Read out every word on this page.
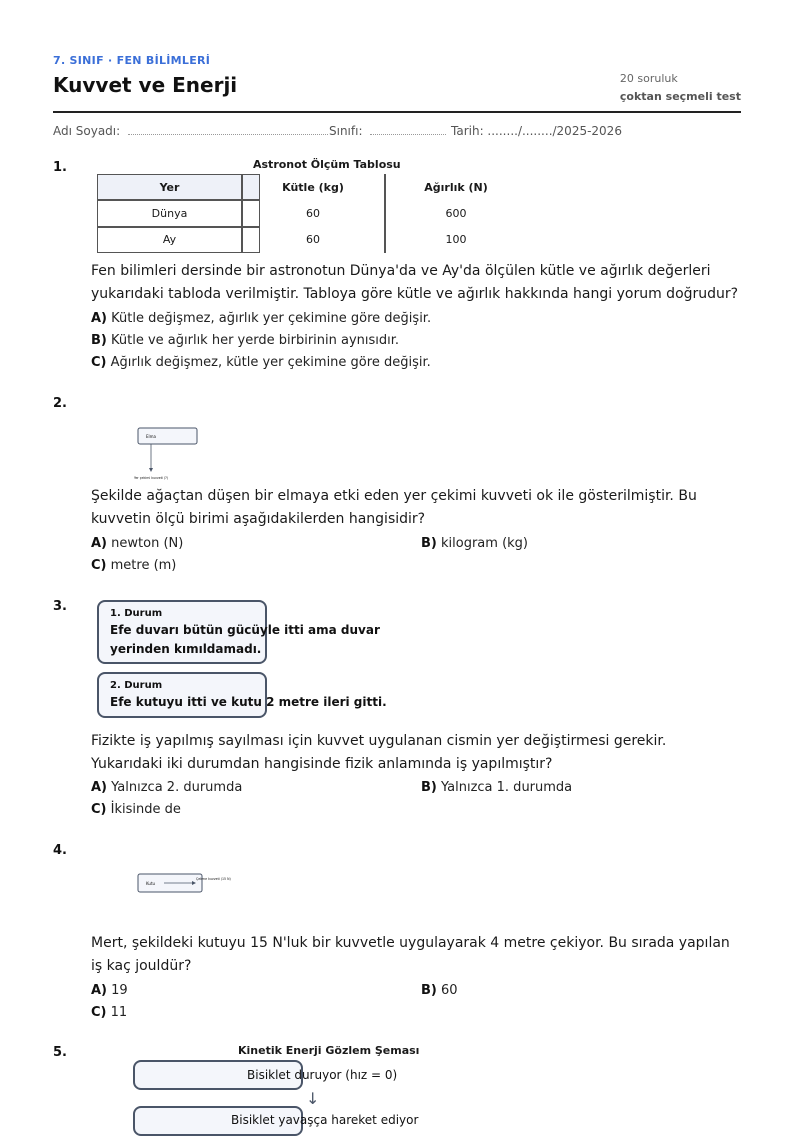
7. SINIF · FEN BİLİMLERİ
Kuvvet ve Enerji	20 soruluk
çoktan seçmeli test
Adı Soyadı:	Sınıfı:	Tarih: ......../......../2025-2026
1.	Astronot Ölçüm Tablosu
Yer	Kütle (kg)	Ağırlık (N)
Dünya	60	600
Ay	60	100
Fen bilimleri dersinde bir astronotun Dünya'da ve Ay'da ölçülen kütle ve ağırlık değerleri yukarıdaki tabloda verilmiştir. Tabloya göre kütle ve ağırlık hakkında hangi yorum doğrudur?
A) Kütle değişmez, ağırlık yer çekimine göre değişir.
B) Kütle ve ağırlık her yerde birbirinin aynısıdır.
C) Ağırlık değişmez, kütle yer çekimine göre değişir.
2.
Elma
Yer çekimi kuvveti (?)
Şekilde ağaçtan düşen bir elmaya etki eden yer çekimi kuvveti ok ile gösterilmiştir. Bu kuvvetin ölçü birimi aşağıdakilerden hangisidir?
A) newton (N)	B) kilogram (kg)
C) metre (m)
3.	1. Durum
Efe duvarı bütün gücüyle itti ama duvar
yerinden kımıldamadı.
2. Durum
Efe kutuyu itti ve kutu 2 metre ileri gitti.
Fizikte iş yapılmış sayılması için kuvvet uygulanan cismin yer değiştirmesi gerekir. Yukarıdaki iki durumdan hangisinde fizik anlamında iş yapılmıştır?
A) Yalnızca 2. durumda	B) Yalnızca 1. durumda
C) İkisinde de
4.
Kutu
Çekme kuvveti (15 N)
Mert, şekildeki kutuyu 15 N'luk bir kuvvetle uygulayarak 4 metre çekiyor. Bu sırada yapılan iş kaç jouldür?
A) 19	B) 60
C) 11
5.	Kinetik Enerji Gözlem Şeması
Bisiklet duruyor (hız = 0)
↓
Bisiklet yavaşça hareket ediyor
